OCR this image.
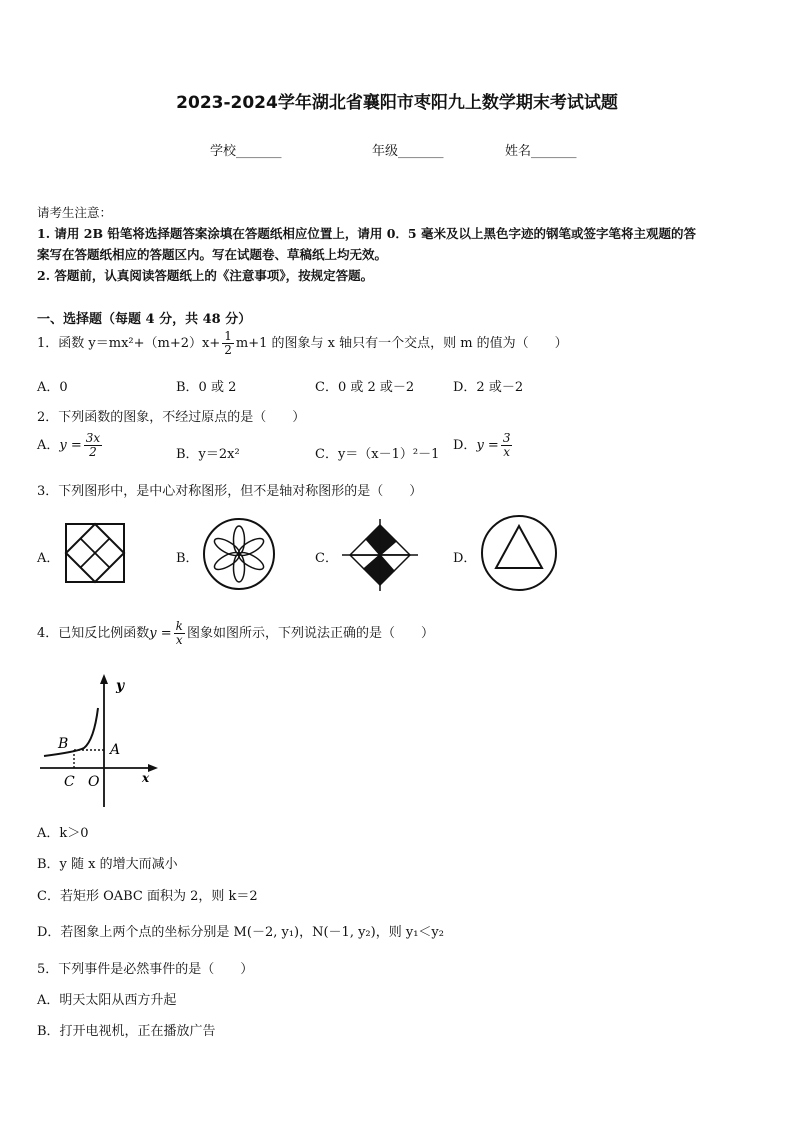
2023-2024学年湖北省襄阳市枣阳九上数学期末考试试题
学校_______	年级_______	姓名_______
请考生注意：
1. 请用 2B 铅笔将选择题答案涂填在答题纸相应位置上，请用 0．5 毫米及以上黑色字迹的钢笔或签字笔将主观题的答
案写在答题纸相应的答题区内。写在试题卷、草稿纸上均无效。
2. 答题前，认真阅读答题纸上的《注意事项》，按规定答题。
一、选择题（每题 4 分，共 48 分）
1．函数 $y=mx^2+(m+2)x+ \frac{1}{2} m+1$ 的图象与 x 轴只有一个交点，则 m 的值为（　　）
A．0	B．0 或 2	C．0 或 2 或－2	D．2 或－2
2．下列函数的图象，不经过原点的是（　　）
A．$y = \frac{3x}{2}$	B．y＝2x²	C．y＝（x－1）²－1
D．$y = \frac{3}{x}$
3．下列图形中，是中心对称图形，但不是轴对称图形的是（　　）
A．	B．	C．	D．
4．已知反比例函数$y = \frac{k}{x}$ 图象如图所示，下列说法正确的是（　　）
y
x
B	A
C O
A．k＞0
B．y 随 x 的增大而减小
C．若矩形 OABC 面积为 2，则 k＝2
D．若图象上两个点的坐标分别是 M(－2, y₁)，N(－1, y₂)，则 y₁＜y₂
5．下列事件是必然事件的是（　　）
A．明天太阳从西方升起
B．打开电视机，正在播放广告
